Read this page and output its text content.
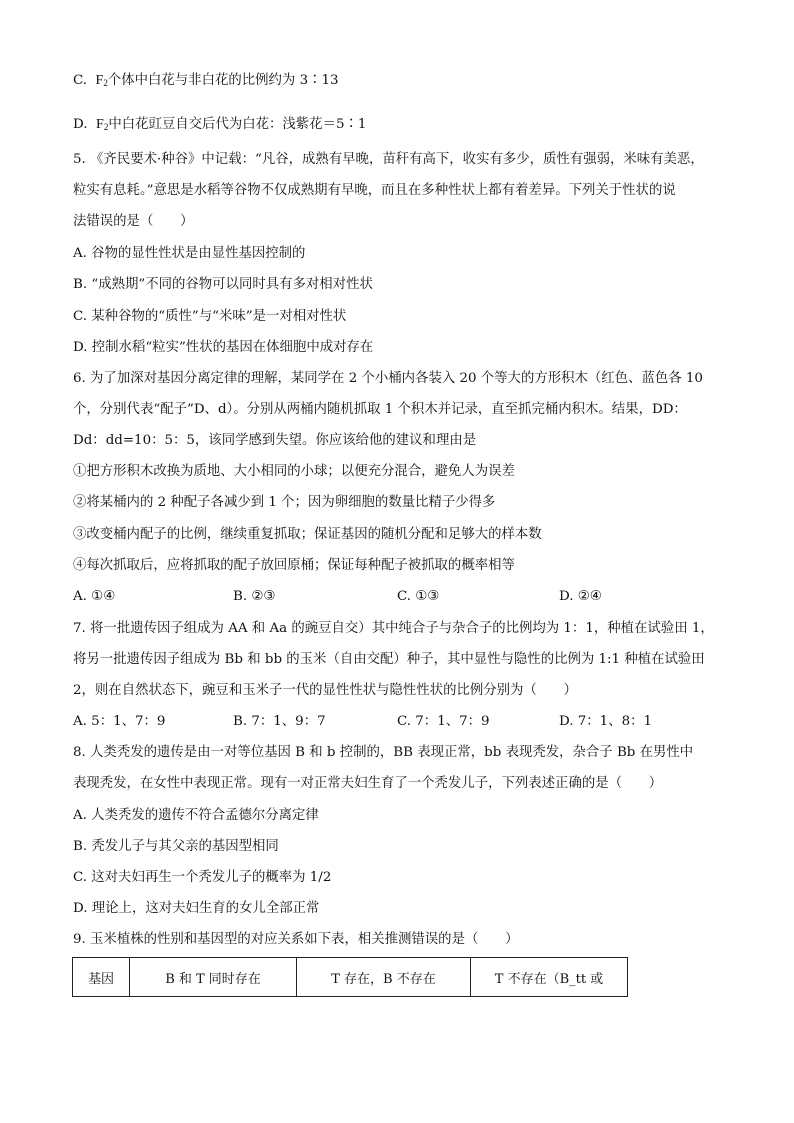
C. $F_2$个体中白花与非白花的比例约为 3∶13
D. $F_2$中白花豇豆自交后代为白花：浅紫花＝5∶1
5. 《齐民要术·种谷》中记载：“凡谷，成熟有早晚，苗秆有高下，收实有多少，质性有强弱，米味有美恶，
粒实有息耗。”意思是水稻等谷物不仅成熟期有早晚，而且在多种性状上都有着差异。下列关于性状的说
法错误的是（　　）
A. 谷物的显性性状是由显性基因控制的
B. “成熟期”不同的谷物可以同时具有多对相对性状
C. 某种谷物的“质性”与“米味”是一对相对性状
D. 控制水稻“粒实”性状的基因在体细胞中成对存在
6. 为了加深对基因分离定律的理解，某同学在 2 个小桶内各装入 20 个等大的方形积木（红色、蓝色各 10
个，分别代表“配子”D、d）。分别从两桶内随机抓取 1 个积木并记录，直至抓完桶内积木。结果，DD：
Dd：dd=10：5：5，该同学感到失望。你应该给他的建议和理由是
①把方形积木改换为质地、大小相同的小球；以便充分混合，避免人为误差
②将某桶内的 2 种配子各减少到 1 个；因为卵细胞的数量比精子少得多
③改变桶内配子的比例，继续重复抓取；保证基因的随机分配和足够大的样本数
④每次抓取后，应将抓取的配子放回原桶；保证每种配子被抓取的概率相等
A. ①④	B. ②③	C. ①③	D. ②④
7. 将一批遗传因子组成为 AA 和 Aa 的豌豆自交）其中纯合子与杂合子的比例均为 1：1，种植在试验田 1，
将另一批遗传因子组成为 Bb 和 bb 的玉米（自由交配）种子，其中显性与隐性的比例为 1:1 种植在试验田
2，则在自然状态下，豌豆和玉米子一代的显性性状与隐性性状的比例分别为（　　）
A. 5：1、7：9	B. 7：1、9：7	C. 7：1、7：9	D. 7：1、8：1
8. 人类秃发的遗传是由一对等位基因 B 和 b 控制的，BB 表现正常，bb 表现秃发，杂合子 Bb 在男性中
表现秃发，在女性中表现正常。现有一对正常夫妇生育了一个秃发儿子，下列表述正确的是（　　）
A. 人类秃发的遗传不符合孟德尔分离定律
B. 秃发儿子与其父亲的基因型相同
C. 这对夫妇再生一个秃发儿子的概率为 1/2
D. 理论上，这对夫妇生育的女儿全部正常
9. 玉米植株的性别和基因型的对应关系如下表，相关推测错误的是（　　）
基因	B 和 T 同时存在	T 存在，B 不存在	T 不存在（B_tt 或
